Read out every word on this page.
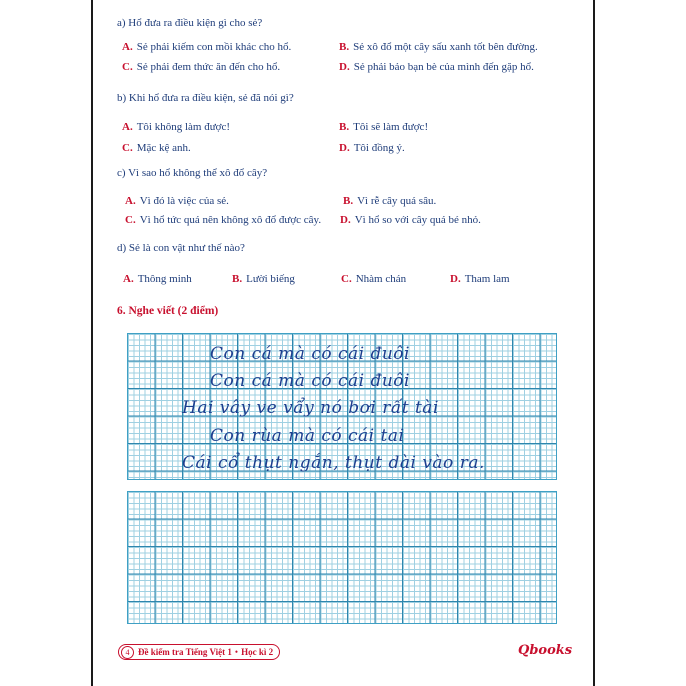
a) Hổ đưa ra điều kiện gì cho sẻ?
A. Sẻ phải kiếm con mồi khác cho hổ.	B. Sẻ xô đổ một cây sấu xanh tốt bên đường.
C. Sẻ phải đem thức ăn đến cho hổ.	D. Sẻ phải bảo bạn bè của mình đến gặp hổ.
b) Khi hổ đưa ra điều kiện, sẻ đã nói gì?
A. Tôi không làm được!	B. Tôi sẽ làm được!
C. Mặc kệ anh.	D. Tôi đồng ý.
c) Vì sao hổ không thể xô đổ cây?
A. Vì đó là việc của sẻ.	B. Vì rễ cây quá sâu.
C. Vì hổ tức quá nên không xô đổ được cây. D. Vì hổ so với cây quá bé nhỏ.
d) Sẻ là con vật như thế nào?
A. Thông minh	B. Lười biếng	C. Nhàm chán	D. Tham lam
6. Nghe viết (2 điểm)
Con cá mà có cái đuôi
Con cá mà có cái đuôi
Hai vây ve vẩy nó bơi rất tài
Con rùa mà có cái tai
Cái cổ thụt ngắn, thụt dài vào ra.
4 Đề kiểm tra Tiếng Việt 1 • Học kì 2	Qbooks
